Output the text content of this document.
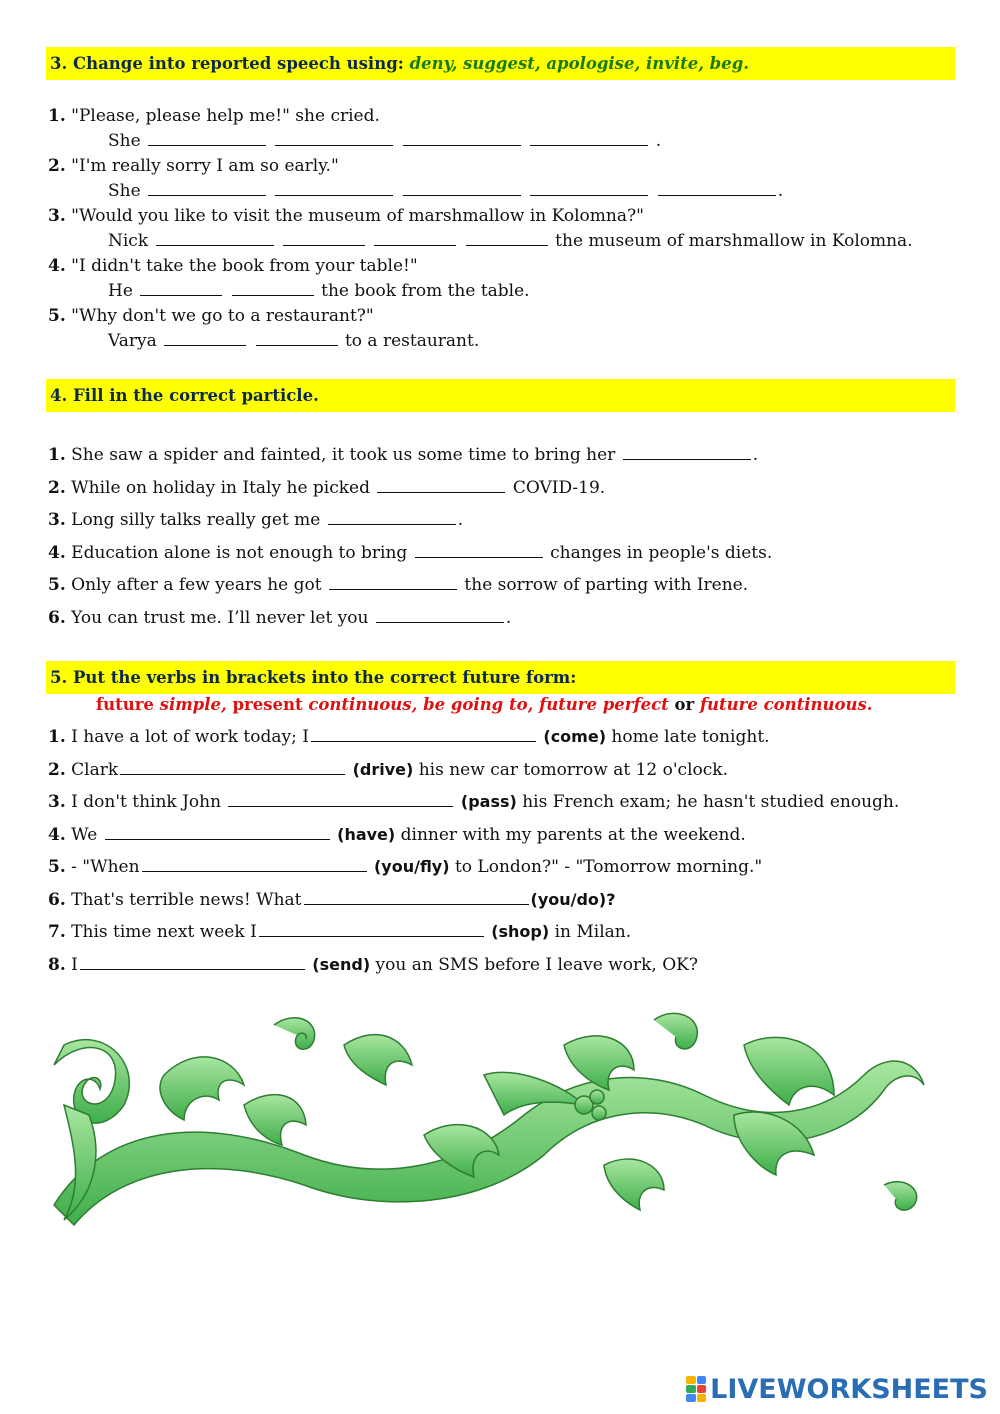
3. Change into reported speech using: deny, suggest, apologise, invite, beg.
1. "Please, please help me!" she cried.
She	.
2. "I'm really sorry I am so early."
She	.
3. "Would you like to visit the museum of marshmallow in Kolomna?"
Nick	the museum of marshmallow in Kolomna.
4. "I didn't take the book from your table!"
He	the book from the table.
5. "Why don't we go to a restaurant?"
Varya	to a restaurant.
4. Fill in the correct particle.
1. She saw a spider and fainted, it took us some time to bring her	.
2. While on holiday in Italy he picked	COVID-19.
3. Long silly talks really get me	.
4. Education alone is not enough to bring	changes in people's diets.
5. Only after a few years he got	the sorrow of parting with Irene.
6. You can trust me. I’ll never let you	.
5. Put the verbs in brackets into the correct future form:
future simple, present continuous, be going to, future perfect or future continuous.
1. I have a lot of work today; I	(come) home late tonight.
2. Clark	(drive) his new car tomorrow at 12 o'clock.
3. I don't think John	(pass) his French exam; he hasn't studied enough.
4. We	(have) dinner with my parents at the weekend.
5. - "When	(you/fly) to London?" - "Tomorrow morning."
6. That's terrible news! What	(you/do)?
7. This time next week I	(shop) in Milan.
8. I	(send) you an SMS before I leave work, OK?
LIVEWORKSHEETS
